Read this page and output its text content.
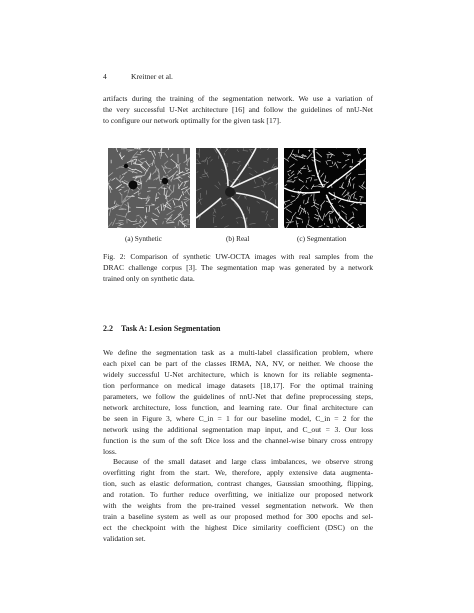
4	Kreitner et al.
artifacts during the training of the segmentation network. We use a variation of
the very successful U-Net architecture [16] and follow the guidelines of nnU-Net
to configure our network optimally for the given task [17].
(a) Synthetic	(b) Real	(c) Segmentation
Fig. 2: Comparison of synthetic UW-OCTA images with real samples from the
DRAC challenge corpus [3]. The segmentation map was generated by a network
trained only on synthetic data.
2.2 Task A: Lesion Segmentation
We define the segmentation task as a multi-label classification problem, where
each pixel can be part of the classes IRMA, NA, NV, or neither. We choose the
widely successful U-Net architecture, which is known for its reliable segmenta-
tion performance on medical image datasets [18,17]. For the optimal training
parameters, we follow the guidelines of nnU-Net that define preprocessing steps,
network architecture, loss function, and learning rate. Our final architecture can
be seen in Figure 3, where C_in = 1 for our baseline model, C_in = 2 for the
network using the additional segmentation map input, and C_out = 3. Our loss
function is the sum of the soft Dice loss and the channel-wise binary cross entropy
loss.
Because of the small dataset and large class imbalances, we observe strong
overfitting right from the start. We, therefore, apply extensive data augmenta-
tion, such as elastic deformation, contrast changes, Gaussian smoothing, flipping,
and rotation. To further reduce overfitting, we initialize our proposed network
with the weights from the pre-trained vessel segmentation network. We then
train a baseline system as well as our proposed method for 300 epochs and sel-
ect the checkpoint with the highest Dice similarity coefficient (DSC) on the
validation set.
